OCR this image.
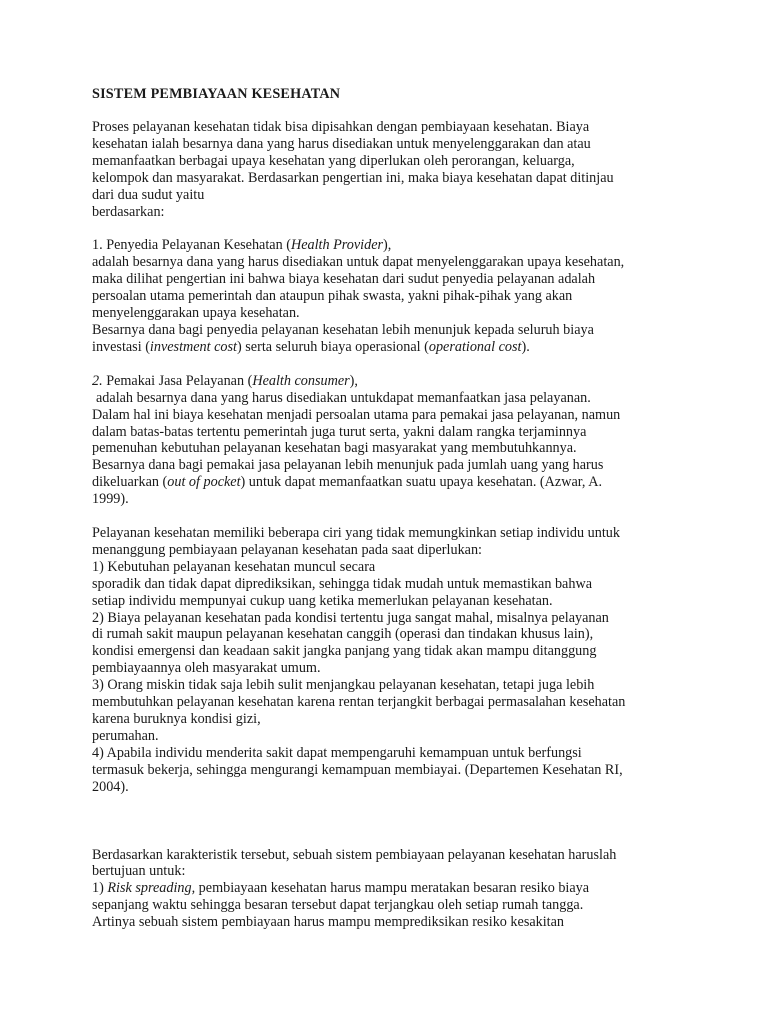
SISTEM PEMBIAYAAN KESEHATAN
Proses pelayanan kesehatan tidak bisa dipisahkan dengan pembiayaan kesehatan. Biaya
kesehatan ialah besarnya dana yang harus disediakan untuk menyelenggarakan dan atau
memanfaatkan berbagai upaya kesehatan yang diperlukan oleh perorangan, keluarga,
kelompok dan masyarakat. Berdasarkan pengertian ini, maka biaya kesehatan dapat ditinjau
dari dua sudut yaitu
berdasarkan:
1. Penyedia Pelayanan Kesehatan (Health Provider),
adalah besarnya dana yang harus disediakan untuk dapat menyelenggarakan upaya kesehatan,
maka dilihat pengertian ini bahwa biaya kesehatan dari sudut penyedia pelayanan adalah
persoalan utama pemerintah dan ataupun pihak swasta, yakni pihak-pihak yang akan
menyelenggarakan upaya kesehatan.
Besarnya dana bagi penyedia pelayanan kesehatan lebih menunjuk kepada seluruh biaya
investasi (investment cost) serta seluruh biaya operasional (operational cost).
2. Pemakai Jasa Pelayanan (Health consumer),
adalah besarnya dana yang harus disediakan untukdapat memanfaatkan jasa pelayanan.
Dalam hal ini biaya kesehatan menjadi persoalan utama para pemakai jasa pelayanan, namun
dalam batas-batas tertentu pemerintah juga turut serta, yakni dalam rangka terjaminnya
pemenuhan kebutuhan pelayanan kesehatan bagi masyarakat yang membutuhkannya.
Besarnya dana bagi pemakai jasa pelayanan lebih menunjuk pada jumlah uang yang harus
dikeluarkan (out of pocket) untuk dapat memanfaatkan suatu upaya kesehatan. (Azwar, A.
1999).
Pelayanan kesehatan memiliki beberapa ciri yang tidak memungkinkan setiap individu untuk
menanggung pembiayaan pelayanan kesehatan pada saat diperlukan:
1) Kebutuhan pelayanan kesehatan muncul secara
sporadik dan tidak dapat diprediksikan, sehingga tidak mudah untuk memastikan bahwa
setiap individu mempunyai cukup uang ketika memerlukan pelayanan kesehatan.
2) Biaya pelayanan kesehatan pada kondisi tertentu juga sangat mahal, misalnya pelayanan
di rumah sakit maupun pelayanan kesehatan canggih (operasi dan tindakan khusus lain),
kondisi emergensi dan keadaan sakit jangka panjang yang tidak akan mampu ditanggung
pembiayaannya oleh masyarakat umum.
3) Orang miskin tidak saja lebih sulit menjangkau pelayanan kesehatan, tetapi juga lebih
membutuhkan pelayanan kesehatan karena rentan terjangkit berbagai permasalahan kesehatan
karena buruknya kondisi gizi,
perumahan.
4) Apabila individu menderita sakit dapat mempengaruhi kemampuan untuk berfungsi
termasuk bekerja, sehingga mengurangi kemampuan membiayai. (Departemen Kesehatan RI,
2004).
Berdasarkan karakteristik tersebut, sebuah sistem pembiayaan pelayanan kesehatan haruslah
bertujuan untuk:
1) Risk spreading, pembiayaan kesehatan harus mampu meratakan besaran resiko biaya
sepanjang waktu sehingga besaran tersebut dapat terjangkau oleh setiap rumah tangga.
Artinya sebuah sistem pembiayaan harus mampu memprediksikan resiko kesakitan
